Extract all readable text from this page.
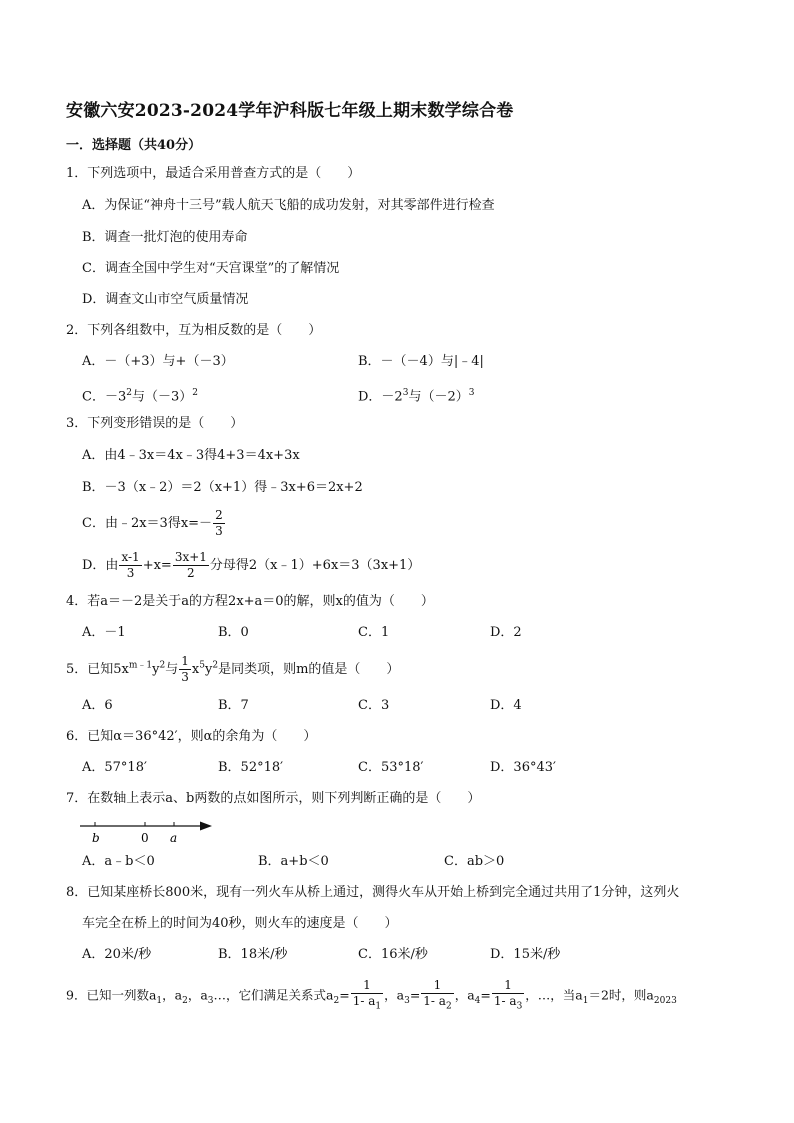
安徽六安2023-2024学年沪科版七年级上期末数学综合卷
一．选择题（共40分）
1．下列选项中，最适合采用普查方式的是（　　）
A．为保证“神舟十三号”载人航天飞船的成功发射，对其零部件进行检查
B．调查一批灯泡的使用寿命
C．调查全国中学生对“天宫课堂”的了解情况
D．调查文山市空气质量情况
2．下列各组数中，互为相反数的是（　　）
A．－（+3）与+（－3）	B．－（－4）与|﹣4|
C．$-3^2$与$(-3)^2$	D．$-2^3$与$(-2)^3$
3．下列变形错误的是（　　）
A．由4﹣3x＝4x﹣3得4+3＝4x+3x
B．－3（x﹣2）＝2（x+1）得﹣3x+6＝2x+2
C．由﹣2x＝3得$x=- \frac{2}{3}$
D．由 $\frac{x-1}{3} +x= \frac{3x+1}{2}$ 分母得2（x﹣1）+6x＝3（3x+1）
4．若a＝－2是关于a的方程2x+a＝0的解，则x的值为（　　）
A．－1	B．0	C．1	D．2
5．已知$5x^{m﹣1}y^2$与 $\frac{1}{3} x^5y^2$是同类项，则m的值是（　　）
A．6	B．7	C．3	D．4
6．已知α＝36°42′，则α的余角为（　　）
A．57°18′	B．52°18′	C．53°18′	D．36°43′
7．在数轴上表示a、b两数的点如图所示，则下列判断正确的是（　　）
b	0 a
A．a﹣b＜0	B．a+b＜0	C．ab＞0
8．已知某座桥长800米，现有一列火车从桥上通过，测得火车从开始上桥到完全通过共用了1分钟，这列火
车完全在桥上的时间为40秒，则火车的速度是（　　）
A．20米/秒	B．18米/秒	C．16米/秒	D．15米/秒
9．已知一列数$a_1$，$a_2$，$a_3\dots$，它们满足关系式$a_2= \frac{1}{1- a_1}$ ，$a_3= \frac{1}{1- a_2}$ ，$a_4= \frac{1}{1- a_3}$ ，…，当$a_1=2$时，则$a_{2023}$
